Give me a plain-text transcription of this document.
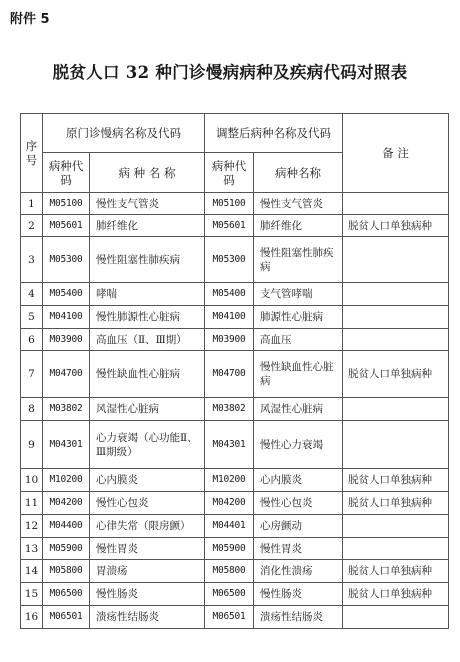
附件 5
脱贫人口 32 种门诊慢病病种及疾病代码对照表
序号	原门诊慢病名称及代码		调整后病种名称及代码		备 注
	病种代码	病 种 名 称	病种代码	病种名称	
1	M05100	慢性支气管炎	M05100	慢性支气管炎	
2	M05601	肺纤维化	M05601	肺纤维化	脱贫人口单独病种
3	M05300	慢性阻塞性肺疾病	M05300	慢性阻塞性肺疾病	
4	M05400	哮喘	M05400	支气管哮喘	
5	M04100	慢性肺源性心脏病	M04100	肺源性心脏病	
6	M03900	高血压（Ⅱ、Ⅲ期）	M03900	高血压	
7	M04700	慢性缺血性心脏病	M04700	慢性缺血性心脏病	脱贫人口单独病种
8	M03802	风湿性心脏病	M03802	风湿性心脏病	
9	M04301	心力衰竭（心功能Ⅱ、Ⅲ期级）	M04301	慢性心力衰竭	
10	M10200	心内膜炎	M10200	心内膜炎	脱贫人口单独病种
11	M04200	慢性心包炎	M04200	慢性心包炎	脱贫人口单独病种
12	M04400	心律失常（限房颤）	M04401	心房颤动	
13	M05900	慢性胃炎	M05900	慢性胃炎	
14	M05800	胃溃疡	M05800	消化性溃疡	脱贫人口单独病种
15	M06500	慢性肠炎	M06500	慢性肠炎	脱贫人口单独病种
16	M06501	溃疡性结肠炎	M06501	溃疡性结肠炎	
